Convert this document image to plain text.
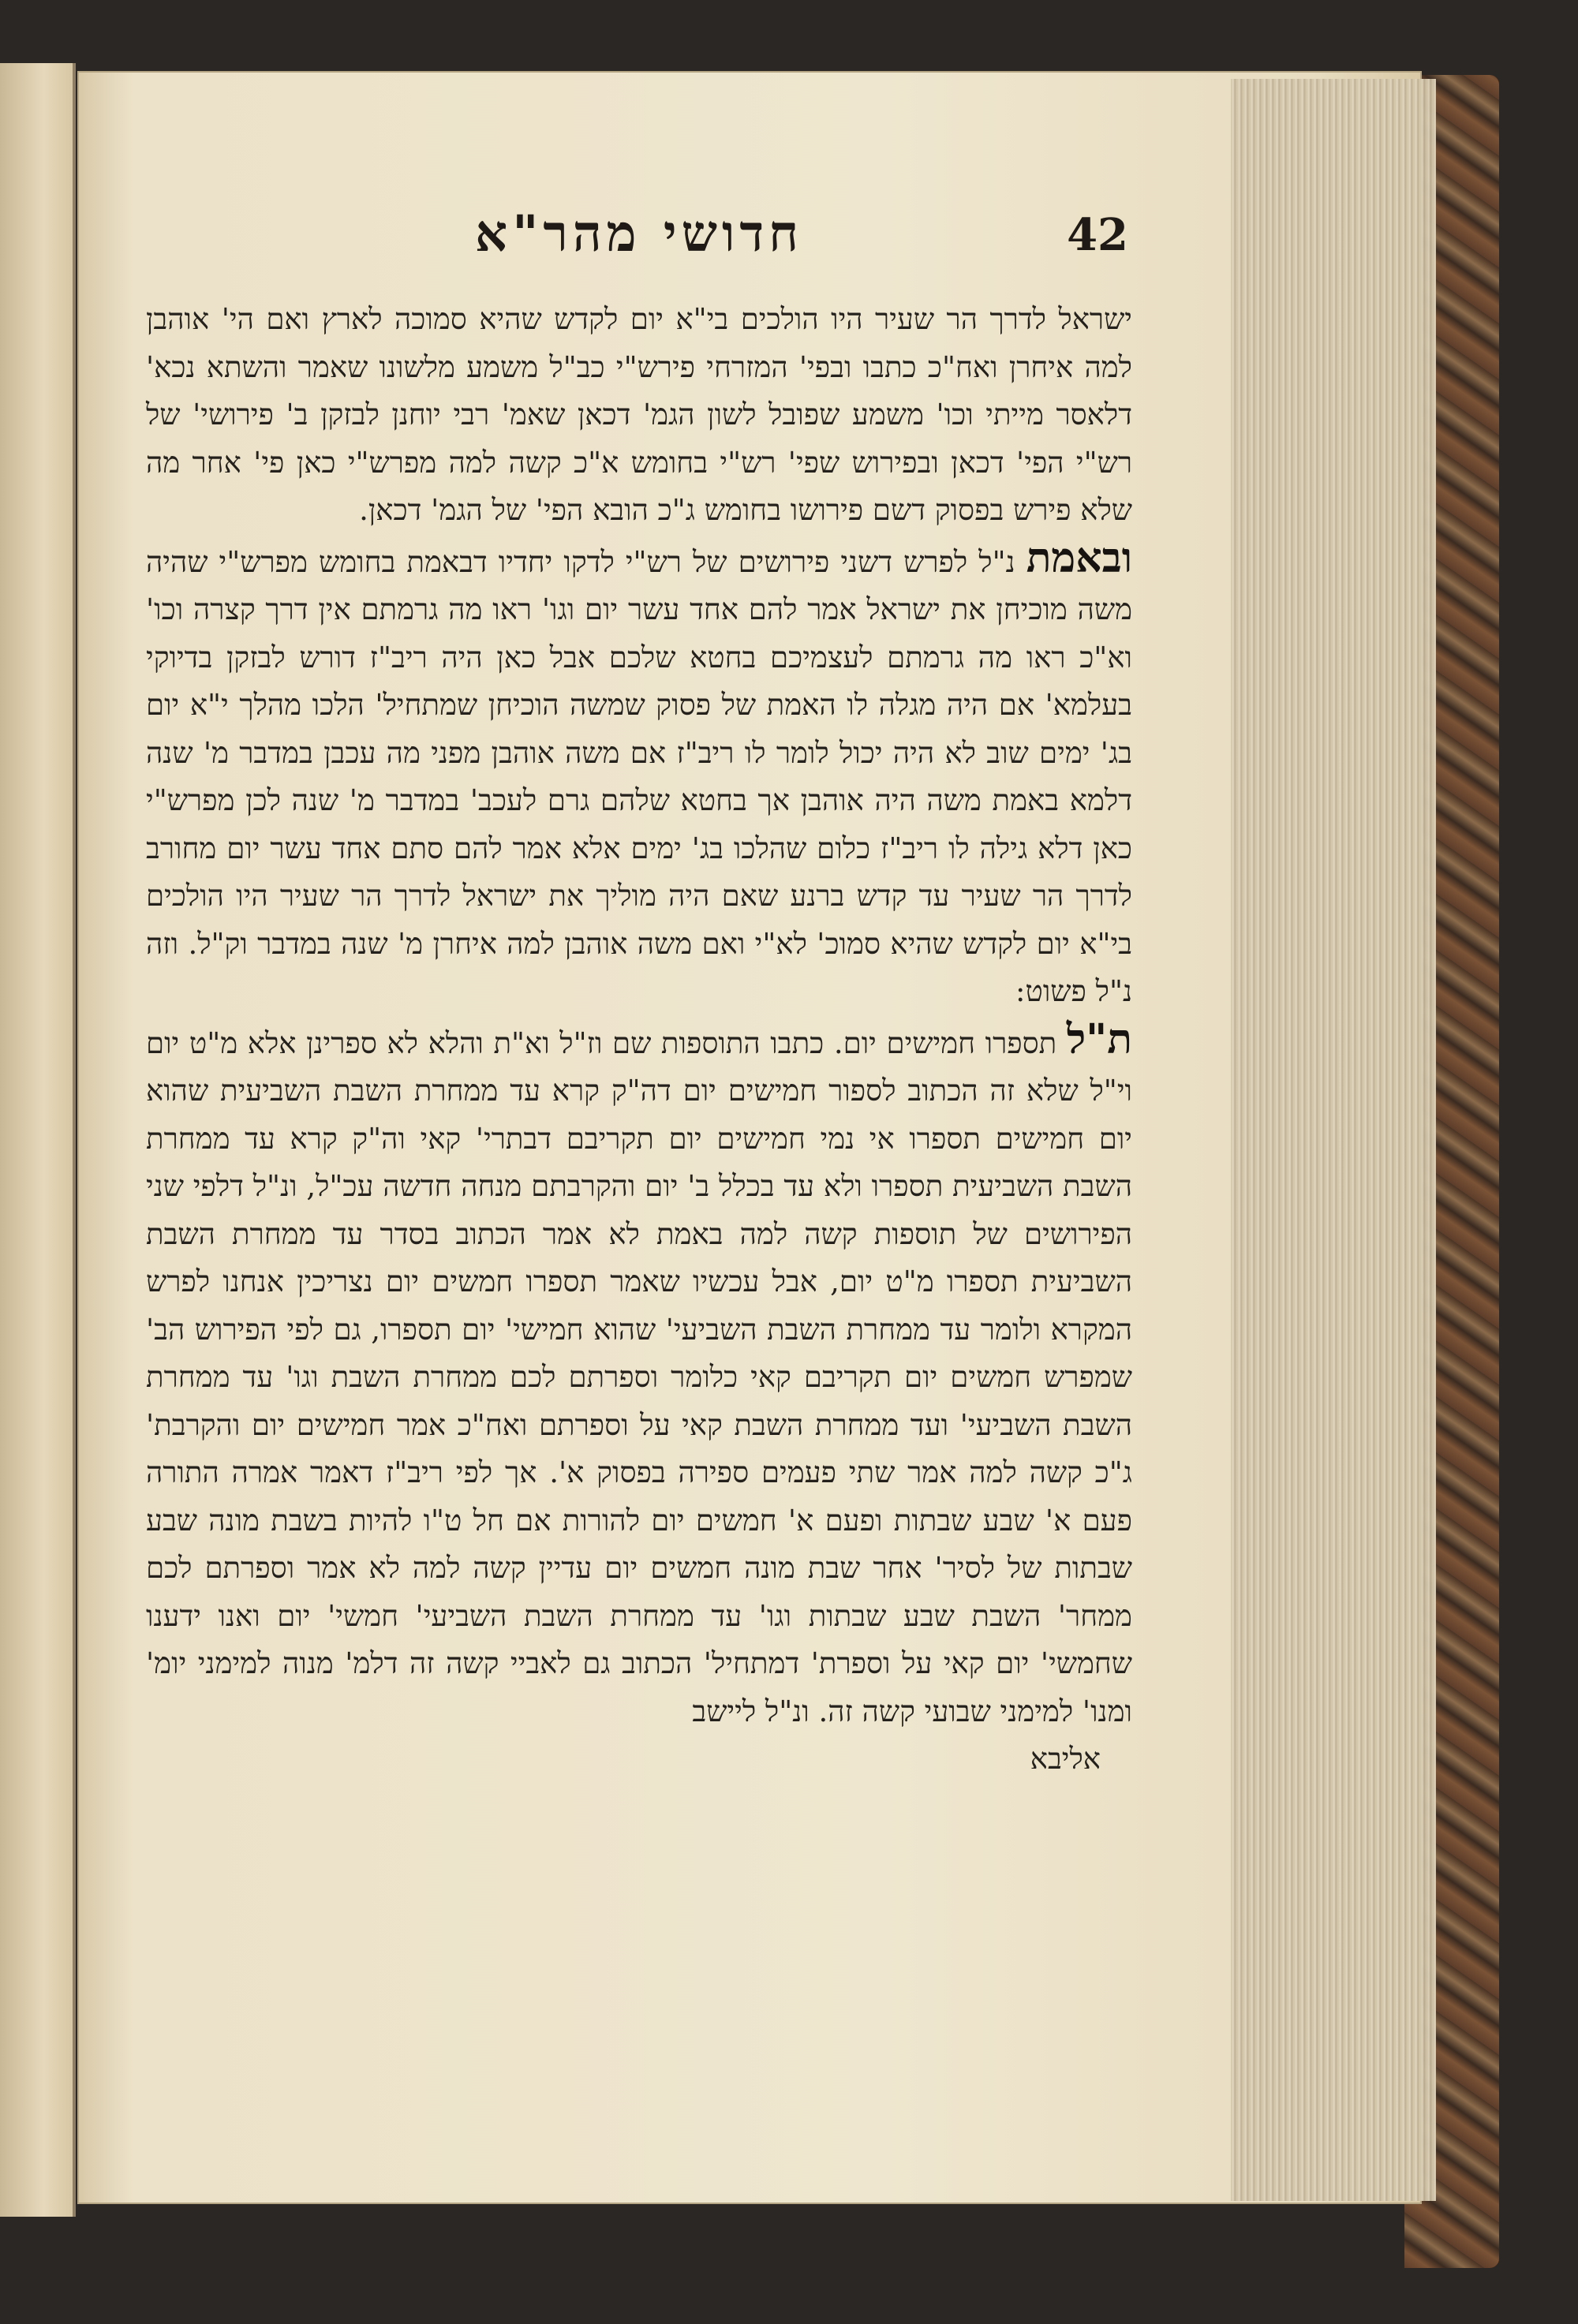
42
חדושי מהר"א

ישראל לדרך הר שעיר היו הולכים בי"א יום לקדש שהיא סמוכה לארץ ואם הי' אוהבן למה איחרן ואח"כ כתבו ובפי' המזרחי פירש"י כב"ל משמע מלשונו שאמר והשתא נכא' דלאסר מייתי וכו' משמע שפובל לשון הגמ' דכאן שאמ' רבי יוחנן לבזקן ב' פירושי' של רש"י הפי' דכאן ובפירוש שפי' רש"י בחומש א"כ קשה למה מפרש"י כאן פי' אחר מה שלא פירש בפסוק דשם פירושו בחומש ג"כ הובא הפי' של הגמ' דכאן.

ובאמת נ"ל לפרש דשני פירושים של רש"י לדקו יחדיו דבאמת בחומש מפרש"י שהיה משה מוכיחן את ישראל אמר להם אחד עשר יום וגו' ראו מה גרמתם אין דרך קצרה וכו' וא"כ ראו מה גרמתם לעצמיכם בחטא שלכם אבל כאן היה ריב"ז דורש לבזקן בדיוקי בעלמא' אם היה מגלה לו האמת של פסוק שמשה הוכיחן שמתחיל' הלכו מהלך י"א יום בג' ימים שוב לא היה יכול לומר לו ריב"ז אם משה אוהבן מפני מה עכבן במדבר מ' שנה דלמא באמת משה היה אוהבן אך בחטא שלהם גרם לעכב' במדבר מ' שנה לכן מפרש"י כאן דלא גילה לו ריב"ז כלום שהלכו בג' ימים אלא אמר להם סתם אחד עשר יום מחורב לדרך הר שעיר עד קדש ברנע שאם היה מוליך את ישראל לדרך הר שעיר היו הולכים בי"א יום לקדש שהיא סמוכ' לא"י ואם משה אוהבן למה איחרן מ' שנה במדבר וק"ל. וזה נ"ל פשוט:

ת"ל תספרו חמישים יום. כתבו התוספות שם וז"ל וא"ת והלא לא ספרינן אלא מ"ט יום וי"ל שלא זה הכתוב לספור חמישים יום דה"ק קרא עד ממחרת השבת השביעית שהוא יום חמישים תספרו אי נמי חמישים יום תקריבם דבתרי' קאי וה"ק קרא עד ממחרת השבת השביעית תספרו ולא עד בכלל ב' יום והקרבתם מנחה חדשה עכ"ל, ונ"ל דלפי שני הפירושים של תוספות קשה למה באמת לא אמר הכתוב בסדר עד ממחרת השבת השביעית תספרו מ"ט יום, אבל עכשיו שאמר תספרו חמשים יום נצריכין אנחנו לפרש המקרא ולומר עד ממחרת השבת השביעי' שהוא חמישי' יום תספרו, גם לפי הפירוש הב' שמפרש חמשים יום תקריבם קאי כלומר וספרתם לכם ממחרת השבת וגו' עד ממחרת השבת השביעי' ועד ממחרת השבת קאי על וספרתם ואח"כ אמר חמישים יום והקרבת' ג"כ קשה למה אמר שתי פעמים ספירה בפסוק א'. אך לפי ריב"ז דאמר אמרה התורה פעם א' שבע שבתות ופעם א' חמשים יום להורות אם חל ט"ו להיות בשבת מונה שבע שבתות של לסיר' אחר שבת מונה חמשים יום עדיין קשה למה לא אמר וספרתם לכם ממחר' השבת שבע שבתות וגו' עד ממחרת השבת השביעי' חמשי' יום ואנו ידענו שחמשי' יום קאי על וספרת' דמתחיל' הכתוב גם לאביי קשה זה דלמ' מנוה למימני יומ' ומנו' למימני שבועי קשה זה. ונ"ל ליישב

אליבא
